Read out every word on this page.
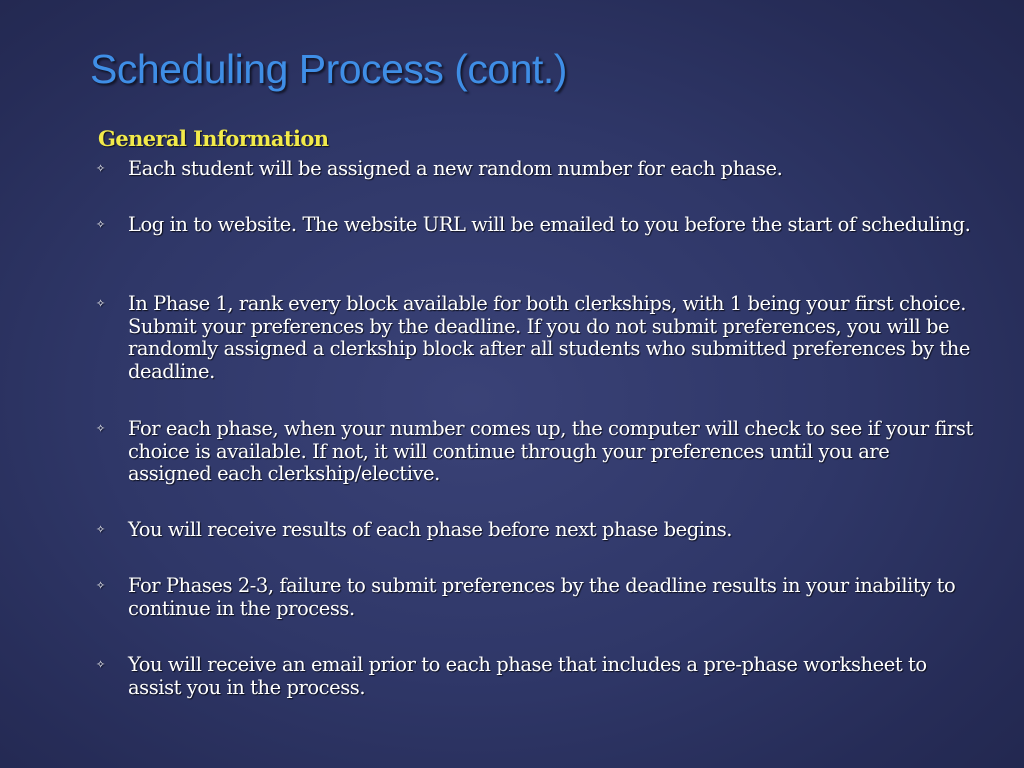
Scheduling Process (cont.)
General Information
✧ Each student will be assigned a new random number for each phase.
✧ Log in to website. The website URL will be emailed to you before the start of scheduling.
✧ In Phase 1, rank every block available for both clerkships, with 1 being your first choice. Submit your preferences by the deadline. If you do not submit preferences, you will be randomly assigned a clerkship block after all students who submitted preferences by the deadline.
✧ For each phase, when your number comes up, the computer will check to see if your first choice is available. If not, it will continue through your preferences until you are assigned each clerkship/elective.
✧ You will receive results of each phase before next phase begins.
✧ For Phases 2-3, failure to submit preferences by the deadline results in your inability to continue in the process.
✧ You will receive an email prior to each phase that includes a pre-phase worksheet to assist you in the process.
